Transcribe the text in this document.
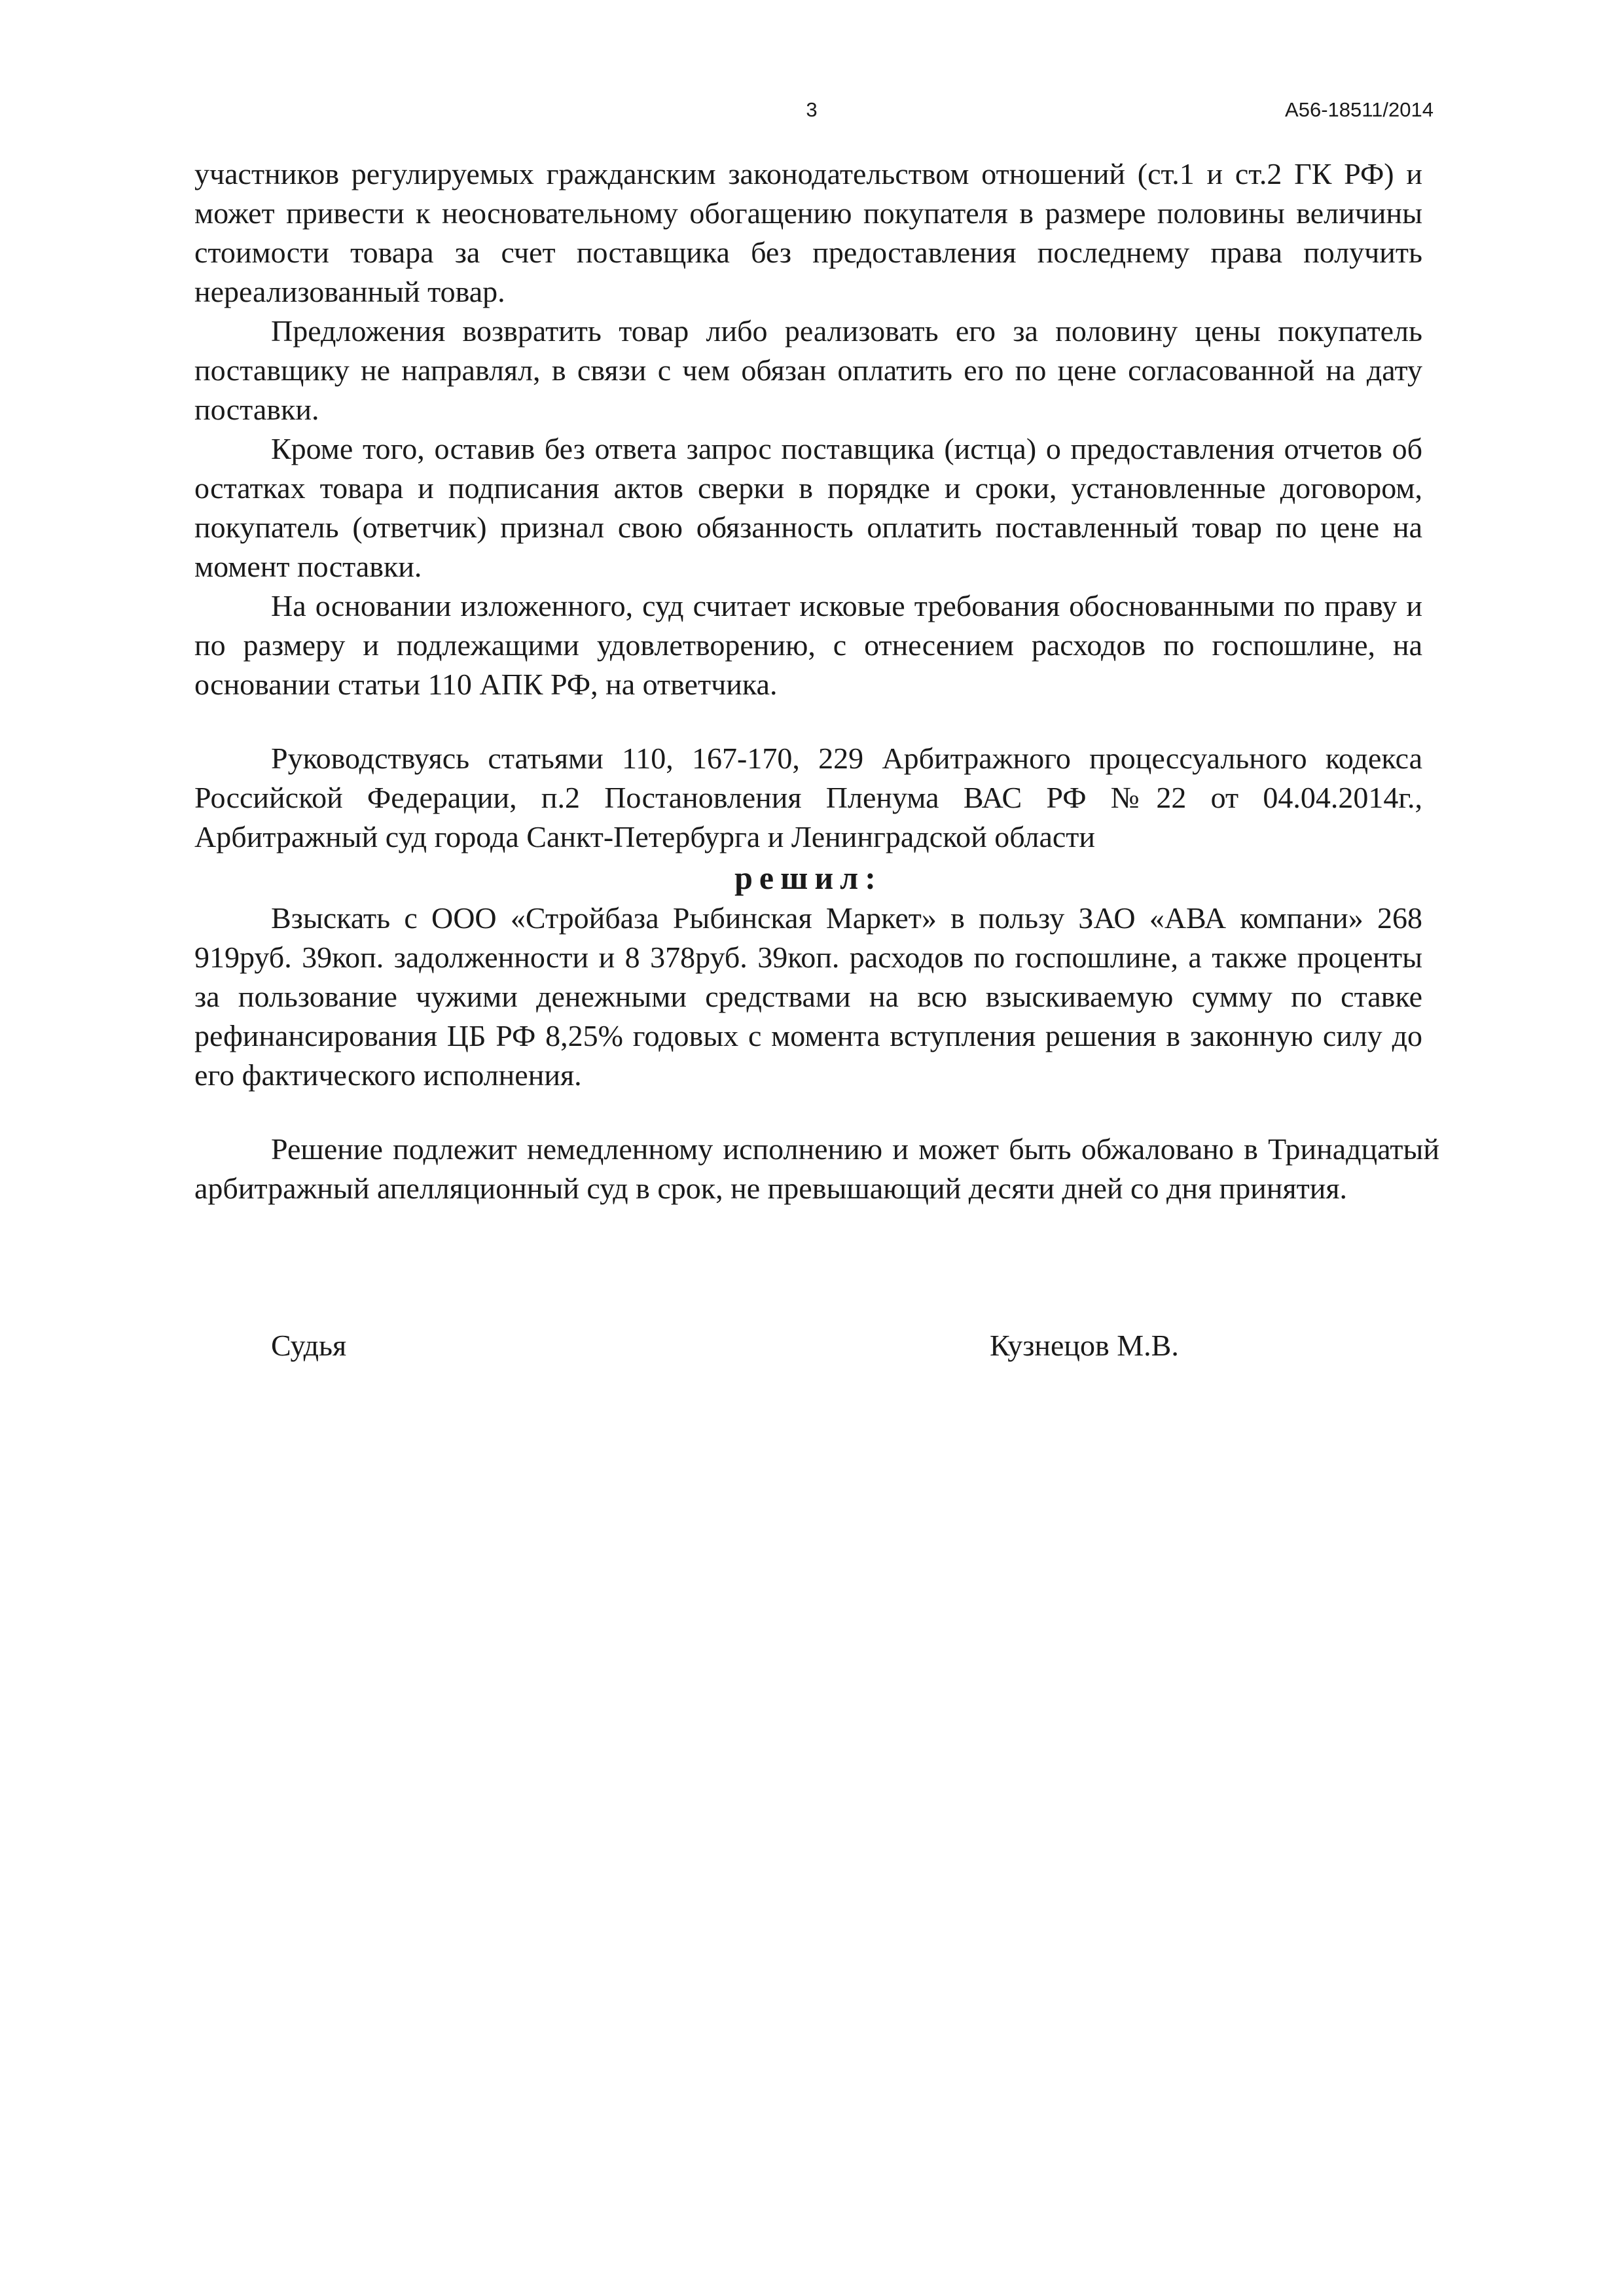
3	А56-18511/2014

участников регулируемых гражданским законодательством отношений (ст.1 и ст.2 ГК РФ) и может привести к неосновательному обогащению покупателя в размере половины величины стоимости товара за счет поставщика без предоставления последнему права получить нереализованный товар.

Предложения возвратить товар либо реализовать его за половину цены покупатель поставщику не направлял, в связи с чем обязан оплатить его по цене согласованной на дату поставки.

Кроме того, оставив без ответа запрос поставщика (истца) о предоставления отчетов об остатках товара и подписания актов сверки в порядке и сроки, установленные договором, покупатель (ответчик) признал свою обязанность оплатить поставленный товар по цене на момент поставки.

На основании изложенного, суд считает исковые требования обоснованными по праву и по размеру и подлежащими удовлетворению, с отнесением расходов по госпошлине, на основании статьи 110 АПК РФ, на ответчика.

Руководствуясь статьями 110, 167-170, 229 Арбитражного процессуального кодекса Российской Федерации, п.2 Постановления Пленума ВАС РФ №22 от 04.04.2014г., Арбитражный суд города Санкт-Петербурга и Ленинградской области

решил:

Взыскать с ООО «Стройбаза Рыбинская Маркет» в пользу ЗАО «АВА компани» 268 919руб. 39коп. задолженности и 8 378руб. 39коп. расходов по госпошлине, а также проценты за пользование чужими денежными средствами на всю взыскиваемую сумму по ставке рефинансирования ЦБ РФ 8,25% годовых с момента вступления решения в законную силу до его фактического исполнения.

Решение подлежит немедленному исполнению и может быть обжаловано в Тринадцатый арбитражный апелляционный суд в срок, не превышающий десяти дней со дня принятия.

Судья	Кузнецов М.В.
